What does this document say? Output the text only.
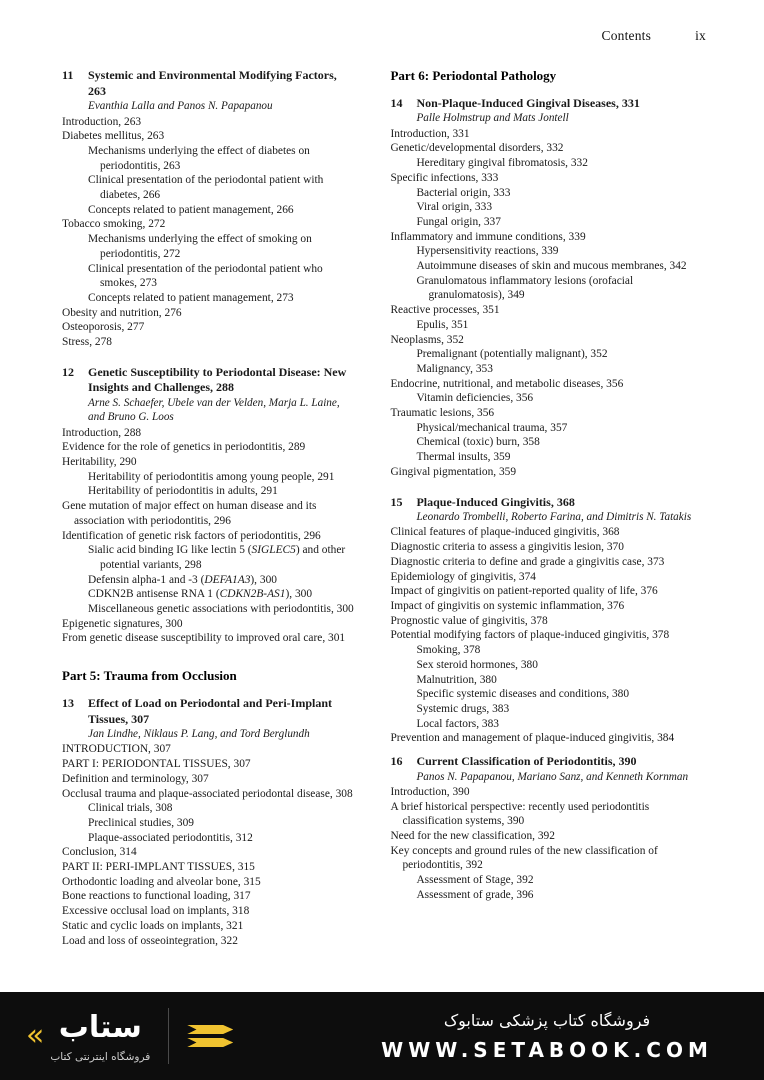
Contents	ix
11	Systemic and Environmental Modifying Factors, 263
Evanthia Lalla and Panos N. Papapanou
Introduction, 263
Diabetes mellitus, 263
Mechanisms underlying the effect of diabetes on periodontitis, 263
Clinical presentation of the periodontal patient with diabetes, 266
Concepts related to patient management, 266
Tobacco smoking, 272
Mechanisms underlying the effect of smoking on periodontitis, 272
Clinical presentation of the periodontal patient who smokes, 273
Concepts related to patient management, 273
Obesity and nutrition, 276
Osteoporosis, 277
Stress, 278
12	Genetic Susceptibility to Periodontal Disease: New Insights and Challenges, 288
Arne S. Schaefer, Ubele van der Velden, Marja L. Laine, and Bruno G. Loos
Introduction, 288
Evidence for the role of genetics in periodontitis, 289
Heritability, 290
Heritability of periodontitis among young people, 291
Heritability of periodontitis in adults, 291
Gene mutation of major effect on human disease and its association with periodontitis, 296
Identification of genetic risk factors of periodontitis, 296
Sialic acid binding IG like lectin 5 (SIGLEC5) and other potential variants, 298
Defensin alpha-1 and -3 (DEFA1A3), 300
CDKN2B antisense RNA 1 (CDKN2B-AS1), 300
Miscellaneous genetic associations with periodontitis, 300
Epigenetic signatures, 300
From genetic disease susceptibility to improved oral care, 301
Part 5: Trauma from Occlusion
13	Effect of Load on Periodontal and Peri-Implant Tissues, 307
Jan Lindhe, Niklaus P. Lang, and Tord Berglundh
INTRODUCTION, 307
PART I: PERIODONTAL TISSUES, 307
Definition and terminology, 307
Occlusal trauma and plaque-associated periodontal disease, 308
Clinical trials, 308
Preclinical studies, 309
Plaque-associated periodontitis, 312
Conclusion, 314
PART II: PERI-IMPLANT TISSUES, 315
Orthodontic loading and alveolar bone, 315
Bone reactions to functional loading, 317
Excessive occlusal load on implants, 318
Static and cyclic loads on implants, 321
Load and loss of osseointegration, 322
Part 6: Periodontal Pathology
14	Non-Plaque-Induced Gingival Diseases, 331
Palle Holmstrup and Mats Jontell
Introduction, 331
Genetic/developmental disorders, 332
Hereditary gingival fibromatosis, 332
Specific infections, 333
Bacterial origin, 333
Viral origin, 333
Fungal origin, 337
Inflammatory and immune conditions, 339
Hypersensitivity reactions, 339
Autoimmune diseases of skin and mucous membranes, 342
Granulomatous inflammatory lesions (orofacial granulomatosis), 349
Reactive processes, 351
Epulis, 351
Neoplasms, 352
Premalignant (potentially malignant), 352
Malignancy, 353
Endocrine, nutritional, and metabolic diseases, 356
Vitamin deficiencies, 356
Traumatic lesions, 356
Physical/mechanical trauma, 357
Chemical (toxic) burn, 358
Thermal insults, 359
Gingival pigmentation, 359
15	Plaque-Induced Gingivitis, 368
Leonardo Trombelli, Roberto Farina, and Dimitris N. Tatakis
Clinical features of plaque-induced gingivitis, 368
Diagnostic criteria to assess a gingivitis lesion, 370
Diagnostic criteria to define and grade a gingivitis case, 373
Epidemiology of gingivitis, 374
Impact of gingivitis on patient-reported quality of life, 376
Impact of gingivitis on systemic inflammation, 376
Prognostic value of gingivitis, 378
Potential modifying factors of plaque-induced gingivitis, 378
Smoking, 378
Sex steroid hormones, 380
Malnutrition, 380
Specific systemic diseases and conditions, 380
Systemic drugs, 383
Local factors, 383
Prevention and management of plaque-induced gingivitis, 384
16	Current Classification of Periodontitis, 390
Panos N. Papapanou, Mariano Sanz, and Kenneth Kornman
Introduction, 390
A brief historical perspective: recently used periodontitis classification systems, 390
Need for the new classification, 392
Key concepts and ground rules of the new classification of periodontitis, 392
Assessment of Stage, 392
Assessment of grade, 396
« ستاب
فروشگاه اینترنتی کتاب
فروشگاه کتاب پزشکی ستابوک
WWW.SETABOOK.COM
